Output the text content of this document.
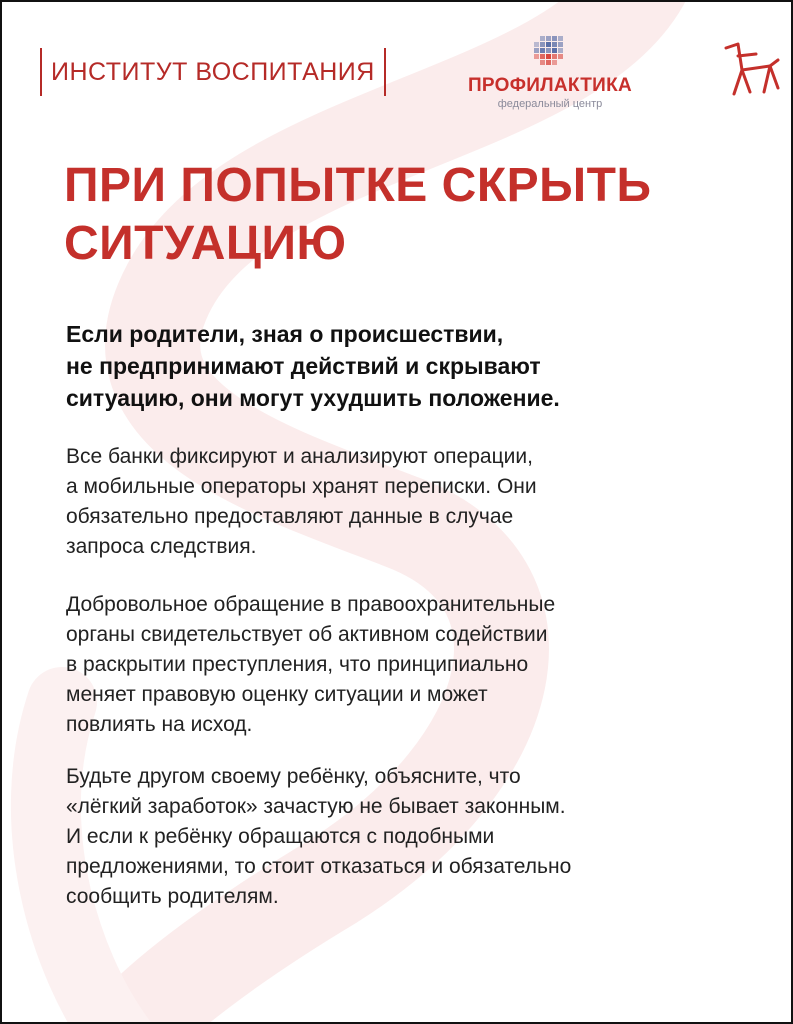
ИНСТИТУТ ВОСПИТАНИЯ	ПРОФИЛАКТИКА
федеральный центр
ПРИ ПОПЫТКЕ СКРЫТЬ
СИТУАЦИЮ
Если родители, зная о происшествии,
не предпринимают действий и скрывают
ситуацию, они могут ухудшить положение.
Все банки фиксируют и анализируют операции,
а мобильные операторы хранят переписки. Они
обязательно предоставляют данные в случае
запроса следствия.
Добровольное обращение в правоохранительные
органы свидетельствует об активном содействии
в раскрытии преступления, что принципиально
меняет правовую оценку ситуации и может
повлиять на исход.
Будьте другом своему ребёнку, объясните, что
«лёгкий заработок» зачастую не бывает законным.
И если к ребёнку обращаются с подобными
предложениями, то стоит отказаться и обязательно
сообщить родителям.
